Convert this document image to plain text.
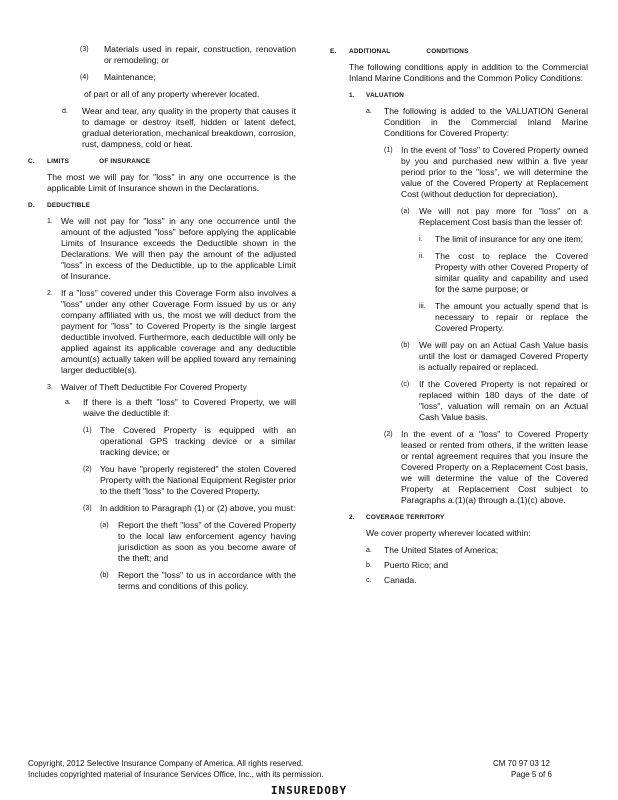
(3)	Materials used in repair, construction, renovation or remodeling; or
(4)	Maintenance;

of part or all of any property wherever located.

d.	Wear and tear, any quality in the property that causes it to damage or destroy itself, hidden or latent defect, gradual deterioration, mechanical breakdown, corrosion, rust, dampness, cold or heat.
C.	LIMITS	OF INSURANCE

The most we will pay for "loss" in any one occurrence is the applicable Limit of Insurance shown in the Declarations.

D.	DEDUCTIBLE
1. We will not pay for "loss" in any one occurrence until the amount of the adjusted "loss" before applying the applicable Limits of Insurance exceeds the Deductible shown in the Declarations. We will then pay the amount of the adjusted "loss" in excess of the Deductible, up to the applicable Limit of Insurance.
2. If a "loss" covered under this Coverage Form also involves a "loss" under any other Coverage Form issued by us or any company affiliated with us, the most we will deduct from the payment for "loss" to Covered Property is the single largest deductible involved. Furthermore, each deductible will only be applied against its applicable coverage and any deductible amount(s) actually taken will be applied toward any remaining larger deductible(s).
3. Waiver of Theft Deductible For Covered Property
a.	If there is a theft "loss" to Covered Property, we will waive the deductible if:
(1) The Covered Property is equipped with an operational GPS tracking device or a similar tracking device; or
(2) You have "properly registered" the stolen Covered Property with the National Equipment Register prior to the theft "loss" to the Covered Property.
(3) In addition to Paragraph (1) or (2) above, you must:
(a)	Report the theft "loss" of the Covered Property to the local law enforcement agency having jurisdiction as soon as you become aware of the theft; and
(b)	Report the "loss" to us in accordance with the terms and conditions of this policy.
E.	ADDITIONAL	CONDITIONS

The following conditions apply in addition to the Commercial Inland Marine Conditions and the Common Policy Conditions:

1.	VALUATION
a.	The following is added to the VALUATION General Condition in the Commercial Inland Marine Conditions for Covered Property:
(1) In the event of "loss" to Covered Property owned by you and purchased new within a five year period prior to the "loss", we will determine the value of the Covered Property at Replacement Cost (without deduction for depreciation).
(a)	We will not pay more for "loss" on a Replacement Cost basis than the lesser of:
i.	The limit of insurance for any one item;
ii.	The cost to replace the Covered Property with other Covered Property of similar quality and capability and used for the same purpose; or
iii.	The amount you actually spend that is necessary to repair or replace the Covered Property.
(b)	We will pay on an Actual Cash Value basis until the lost or damaged Covered Property is actually repaired or replaced.
(c)	If the Covered Property is not repaired or replaced within 180 days of the date of "loss", valuation will remain on an Actual Cash Value basis.
(2) In the event of a "loss" to Covered Property leased or rented from others, if the written lease or rental agreement requires that you insure the Covered Property on a Replacement Cost basis, we will determine the value of the Covered Property at Replacement Cost subject to Paragraphs a.(1)(a) through a.(1)(c) above.
2.	COVERAGE TERRITORY

We cover property wherever located within:

a.	The United States of America;
b.	Puerto Rico; and
c.	Canada.
Copyright, 2012 Selective Insurance Company of America. All rights reserved.
Includes copyrighted material of Insurance Services Office, Inc., with its permission.
CM 70 97 03 12
Page 5 of 6
INSUREDOBY
